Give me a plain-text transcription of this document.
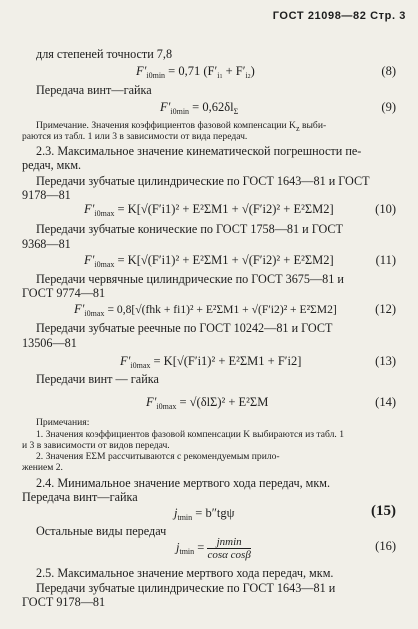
ГОСТ 21098—82 Стр. 3
для степеней точности 7,8
$F'_{i0min} = 0,71$ $(F'_{i1} + F'_{i2})$	(8)
Передача винт—гайка
$F'_{i0min} = 0,62\delta l_\Sigma$	(9)
Примечание. Значения коэффициентов фазовой компенсации $K_z$ выби-
раются из табл. 1 или 3 в зависимости от вида передач.
2.3. Максимальное значение кинематической погрешности пе-
редач, мкм.
Передачи зубчатые цилиндрические по ГОСТ 1643—81 и ГОСТ
9178—81
$F'_{i0max} = K[√(F'i1)^2 + E^2\Sigma M1 + √(F'i2)^2 + E^2\Sigma M2]$	(10)
Передачи зубчатые конические по ГОСТ 1758—81 и ГОСТ
9368—81
$F'_{i0max} = K[√(F'i1)^2 + E^2\Sigma M1 + √(F'i2)^2 + E^2\Sigma M2]$	(11)
Передачи червячные цилиндрические по ГОСТ 3675—81 и
ГОСТ 9774—81
$F'_{i0max} = 0,8[√(fhk + fi1)^2 + E^2\Sigma M1 + √(F'i2)^2 + E^2\Sigma M2]$	(12)
Передачи зубчатые реечные по ГОСТ 10242—81 и ГОСТ
13506—81
$F'_{i0max} = K[√(F'i1)^2 + E^2\Sigma M1 + F'i2]$	(13)
Передачи винт — гайка
$F'_{i0max} = √(\delta l\Sigma)^2 + E^2\Sigma M$	(14)
Примечания:
1. Значения коэффициентов фазовой компенсации K выбираются из табл. 1
и 3 в зависимости от видов передач.
2. Значения EΣM рассчитываются с рекомендуемым прило-
жением 2.
2.4. Минимальное значение мертвого хода передач, мкм.
Передача винт—гайка
$j_{tmin} = b''tg\psi$	(15)
Остальные виды передач
$j_{tmin} = \frac{jnmin}{\text{cosα cosβ}}$	(16)
2.5. Максимальное значение мертвого хода передач, мкм.
Передачи зубчатые цилиндрические по ГОСТ 1643—81 и
ГОСТ 9178—81
